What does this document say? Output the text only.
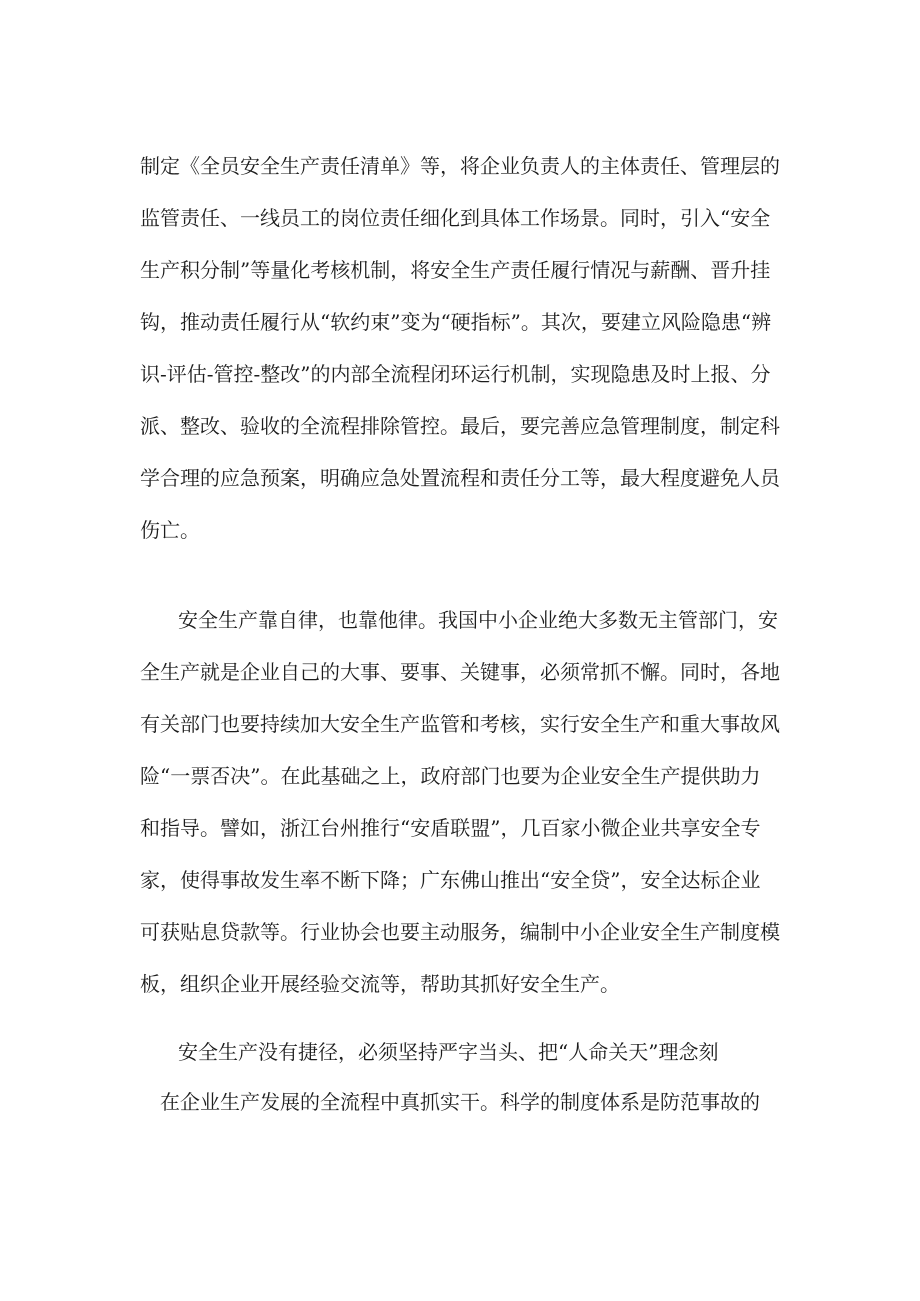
制定《全员安全生产责任清单》等，将企业负责人的主体责任、管理层的
监管责任、一线员工的岗位责任细化到具体工作场景。同时，引入“安全
生产积分制”等量化考核机制，将安全生产责任履行情况与薪酬、晋升挂
钩，推动责任履行从“软约束”变为“硬指标”。其次，要建立风险隐患“辨
识-评估-管控-整改”的内部全流程闭环运行机制，实现隐患及时上报、分
派、整改、验收的全流程排除管控。最后，要完善应急管理制度，制定科
学合理的应急预案，明确应急处置流程和责任分工等，最大程度避免人员
伤亡。
安全生产靠自律，也靠他律。我国中小企业绝大多数无主管部门，安
全生产就是企业自己的大事、要事、关键事，必须常抓不懈。同时，各地
有关部门也要持续加大安全生产监管和考核，实行安全生产和重大事故风
险“一票否决”。在此基础之上，政府部门也要为企业安全生产提供助力
和指导。譬如，浙江台州推行“安盾联盟”，几百家小微企业共享安全专
家，使得事故发生率不断下降；广东佛山推出“安全贷”，安全达标企业
可获贴息贷款等。行业协会也要主动服务，编制中小企业安全生产制度模
板，组织企业开展经验交流等，帮助其抓好安全生产。
安全生产没有捷径，必须坚持严字当头、把“人命关天”理念刻
在企业生产发展的全流程中真抓实干。科学的制度体系是防范事故的
